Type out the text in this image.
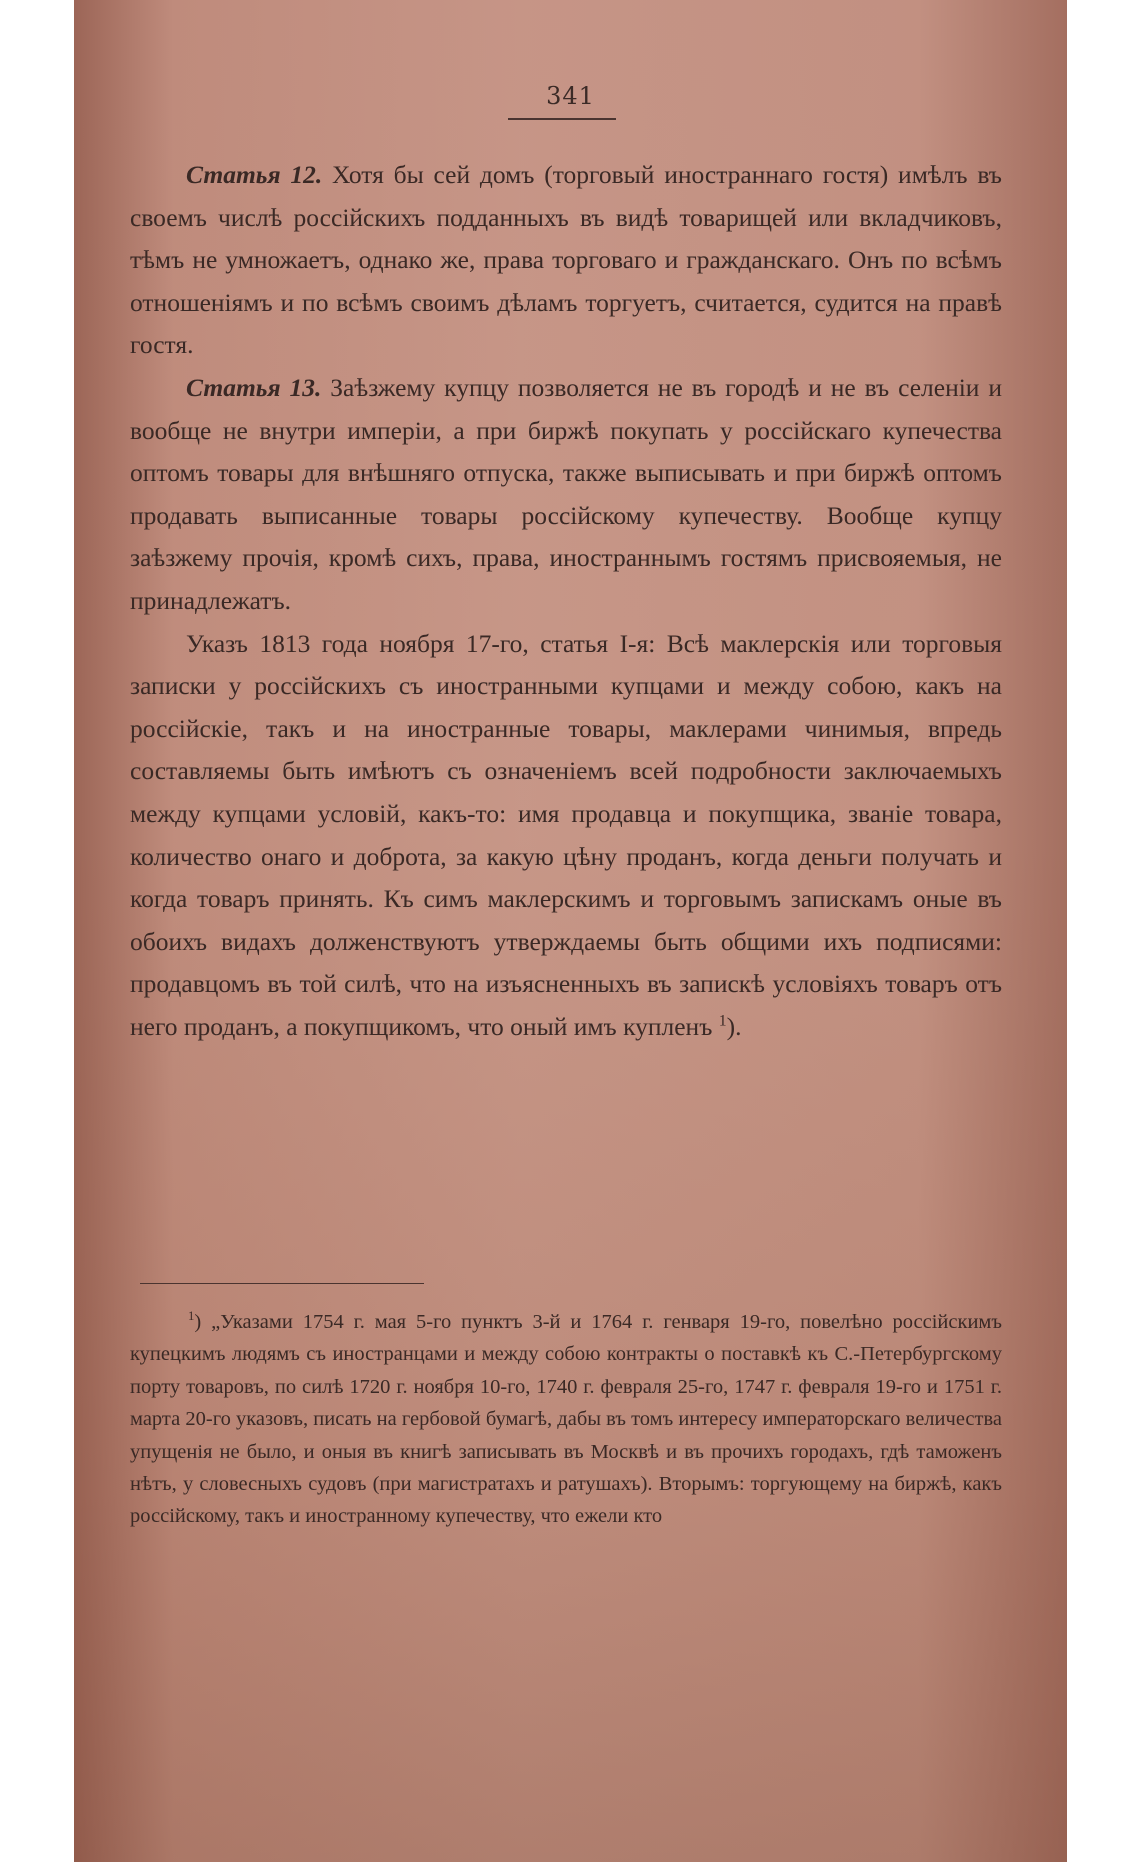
341

Статья 12. Хотя бы сей домъ (торговый иностраннаго гостя) имѣлъ въ своемъ числѣ россійскихъ подданныхъ въ видѣ товарищей или вкладчиковъ, тѣмъ не умножаетъ, однако же, права торговаго и гражданскаго. Онъ по всѣмъ отношеніямъ и по всѣмъ своимъ дѣламъ торгуетъ, считается, судится на правѣ гостя.

Статья 13. Заѣзжему купцу позволяется не въ городѣ и не въ селеніи и вообще не внутри имперіи, а при биржѣ покупать у россійскаго купечества оптомъ товары для внѣшняго отпуска, также выписывать и при биржѣ оптомъ продавать выписанные товары россійскому купечеству. Вообще купцу заѣзжему прочія, кромѣ сихъ, права, иностраннымъ гостямъ присвояемыя, не принадлежатъ.

Указъ 1813 года ноября 17-го, статья I-я: Всѣ маклерскія или торговыя записки у россійскихъ съ иностранными купцами и между собою, какъ на россійскіе, такъ и на иностранные товары, маклерами чинимыя, впредь составляемы быть имѣютъ съ означеніемъ всей подробности заключаемыхъ между купцами условій, какъ-то: имя продавца и покупщика, званіе товара, количество онаго и доброта, за какую цѣну проданъ, когда деньги получать и когда товаръ принять. Къ симъ маклерскимъ и торговымъ запискамъ оные въ обоихъ видахъ долженствуютъ утверждаемы быть общими ихъ подписями: продавцомъ въ той силѣ, что на изъясненныхъ въ запискѣ условіяхъ товаръ отъ него проданъ, а покупщикомъ, что оный имъ купленъ $^1$).

$^1$) „Указами 1754 г. мая 5-го пунктъ 3-й и 1764 г. генваря 19-го, повелѣно россійскимъ купецкимъ людямъ съ иностранцами и между собою контракты о поставкѣ къ С.-Петербургскому порту товаровъ, по силѣ 1720 г. ноября 10-го, 1740 г. февраля 25-го, 1747 г. февраля 19-го и 1751 г. марта 20-го указовъ, писать на гербовой бумагѣ, дабы въ томъ интересу императорскаго величества упущенія не было, и оныя въ книгѣ записывать въ Москвѣ и въ прочихъ городахъ, гдѣ таможенъ нѣтъ, у словесныхъ судовъ (при магистратахъ и ратушахъ). Вторымъ: торгующему на биржѣ, какъ россійскому, такъ и иностранному купечеству, что ежели кто
